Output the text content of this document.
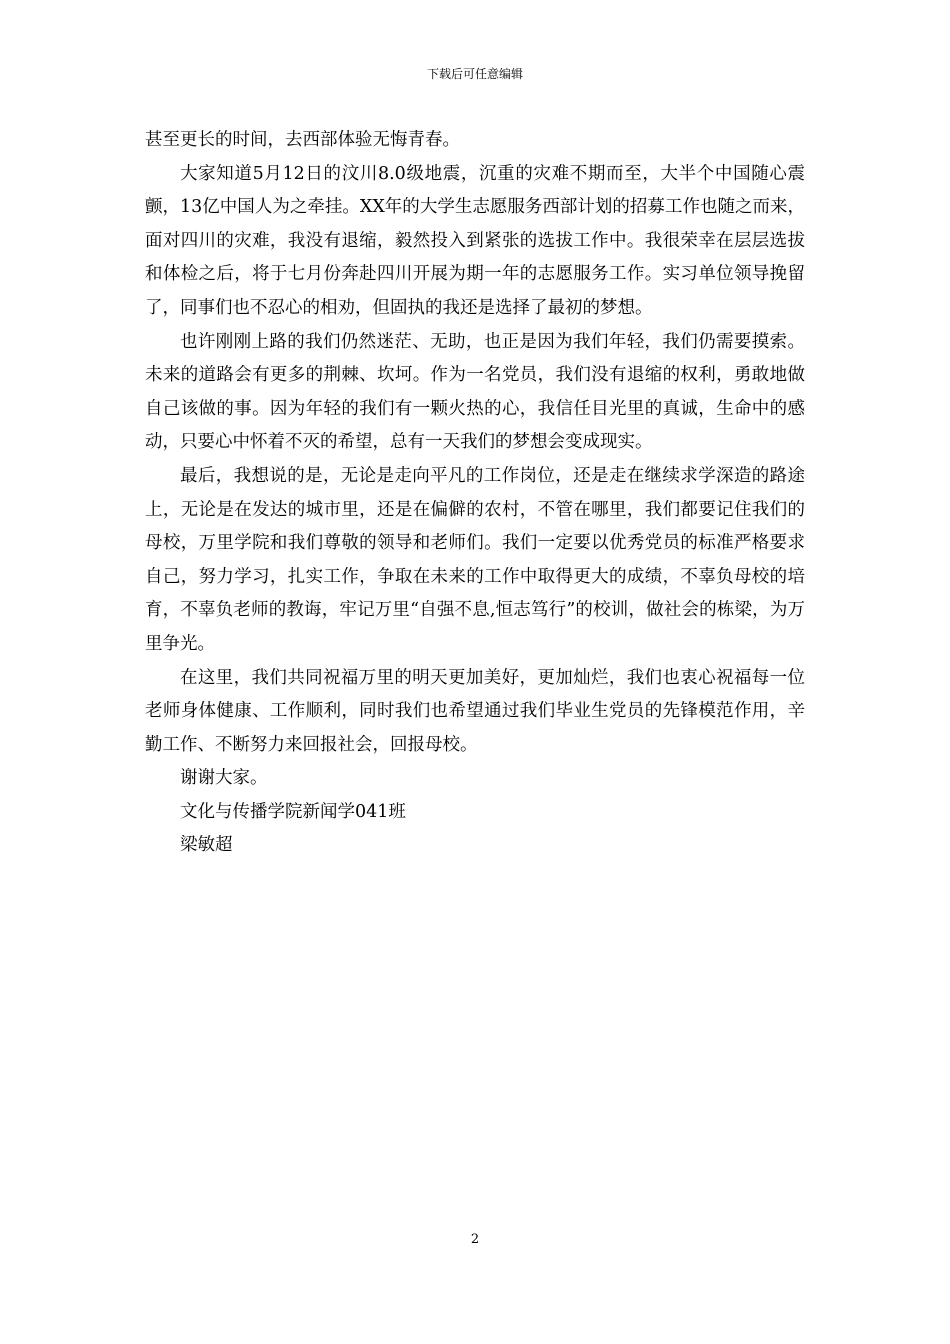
下载后可任意编辑

甚至更长的时间，去西部体验无悔青春。

大家知道5月12日的汶川8.0级地震，沉重的灾难不期而至，大半个中国随心震颤，13亿中国人为之牵挂。XX年的大学生志愿服务西部计划的招募工作也随之而来，面对四川的灾难，我没有退缩，毅然投入到紧张的选拔工作中。我很荣幸在层层选拔和体检之后，将于七月份奔赴四川开展为期一年的志愿服务工作。实习单位领导挽留了，同事们也不忍心的相劝，但固执的我还是选择了最初的梦想。

也许刚刚上路的我们仍然迷茫、无助，也正是因为我们年轻，我们仍需要摸索。未来的道路会有更多的荆棘、坎坷。作为一名党员，我们没有退缩的权利，勇敢地做自己该做的事。因为年轻的我们有一颗火热的心，我信任目光里的真诚，生命中的感动，只要心中怀着不灭的希望，总有一天我们的梦想会变成现实。

最后，我想说的是，无论是走向平凡的工作岗位，还是走在继续求学深造的路途上，无论是在发达的城市里，还是在偏僻的农村，不管在哪里，我们都要记住我们的母校，万里学院和我们尊敬的领导和老师们。我们一定要以优秀党员的标准严格要求自己，努力学习，扎实工作，争取在未来的工作中取得更大的成绩，不辜负母校的培育，不辜负老师的教诲，牢记万里“自强不息,恒志笃行”的校训，做社会的栋梁，为万里争光。

在这里，我们共同祝福万里的明天更加美好，更加灿烂，我们也衷心祝福每一位老师身体健康、工作顺利，同时我们也希望通过我们毕业生党员的先锋模范作用，辛勤工作、不断努力来回报社会，回报母校。

谢谢大家。

文化与传播学院新闻学041班

梁敏超

2
